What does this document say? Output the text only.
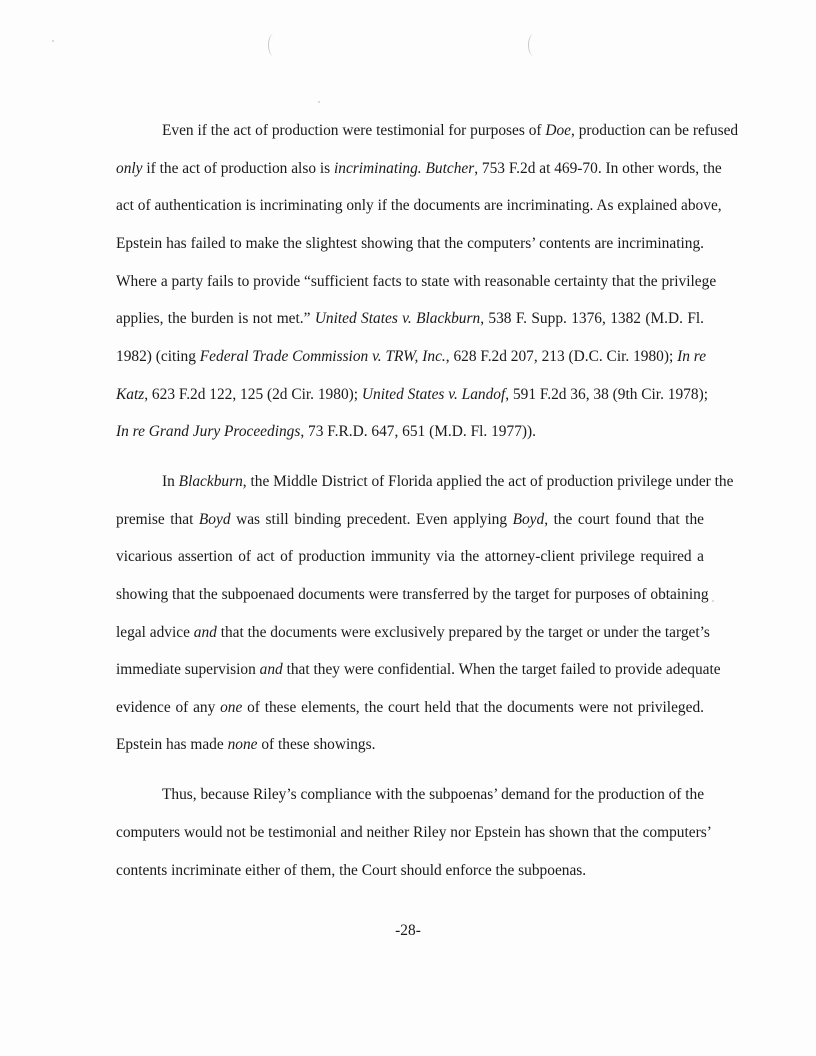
Even if the act of production were testimonial for purposes of Doe, production can be refused
only if the act of production also is incriminating. Butcher, 753 F.2d at 469-70. In other words, the
act of authentication is incriminating only if the documents are incriminating. As explained above,
Epstein has failed to make the slightest showing that the computers’ contents are incriminating.
Where a party fails to provide “sufficient facts to state with reasonable certainty that the privilege
applies, the burden is not met.” United States v. Blackburn, 538 F. Supp. 1376, 1382 (M.D. Fl.
1982) (citing Federal Trade Commission v. TRW, Inc., 628 F.2d 207, 213 (D.C. Cir. 1980); In re
Katz, 623 F.2d 122, 125 (2d Cir. 1980); United States v. Landof, 591 F.2d 36, 38 (9th Cir. 1978);
In re Grand Jury Proceedings, 73 F.R.D. 647, 651 (M.D. Fl. 1977)).
In Blackburn, the Middle District of Florida applied the act of production privilege under the
premise that Boyd was still binding precedent. Even applying Boyd, the court found that the
vicarious assertion of act of production immunity via the attorney-client privilege required a
showing that the subpoenaed documents were transferred by the target for purposes of obtaining
legal advice and that the documents were exclusively prepared by the target or under the target’s
immediate supervision and that they were confidential. When the target failed to provide adequate
evidence of any one of these elements, the court held that the documents were not privileged.
Epstein has made none of these showings.
Thus, because Riley’s compliance with the subpoenas’ demand for the production of the
computers would not be testimonial and neither Riley nor Epstein has shown that the computers’
contents incriminate either of them, the Court should enforce the subpoenas.
-28-
